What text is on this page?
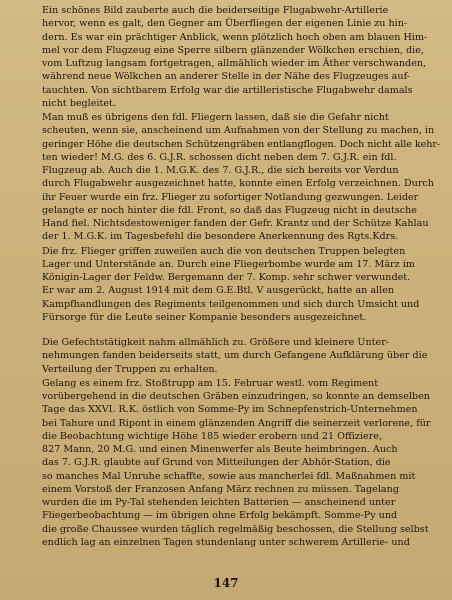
Ein schönes Bild zauberte auch die beiderseitige Flugabwehr-Artillerie
hervor, wenn es galt, den Gegner am Überfliegen der eigenen Linie zu hin-
dern. Es war ein prächtiger Anblick, wenn plötzlich hoch oben am blauen Him-
mel vor dem Flugzeug eine Sperre silbern glänzender Wölkchen erschien, die,
vom Luftzug langsam fortgetragen, allmählich wieder im Äther verschwanden,
während neue Wölkchen an anderer Stelle in der Nähe des Flugzeuges auf-
tauchten. Von sichtbarem Erfolg war die artilleristische Flugabwehr damals
nicht begleitet.
Man muß es übrigens den fdl. Fliegern lassen, daß sie die Gefahr nicht
scheuten, wenn sie, anscheinend um Aufnahmen von der Stellung zu machen, in
geringer Höhe die deutschen Schützengräben entlangflogen. Doch nicht alle kehr-
ten wieder! M.G. des 6. G.J.R. schossen dicht neben dem 7. G.J.R. ein fdl.
Flugzeug ab. Auch die 1. M.G.K. des 7. G.J.R., die sich bereits vor Verdun
durch Flugabwehr ausgezeichnet hatte, konnte einen Erfolg verzeichnen. Durch
ihr Feuer wurde ein frz. Flieger zu sofortiger Notlandung gezwungen. Leider
gelangte er noch hinter die fdl. Front, so daß das Flugzeug nicht in deutsche
Hand fiel. Nichtsdestoweniger fanden der Gefr. Krantz und der Schütze Kahlau
der 1. M.G.K. im Tagesbefehl die besondere Anerkennung des Rgts.Kdrs.
Die frz. Flieger griffen zuweilen auch die von deutschen Truppen belegten
Lager und Unterstände an. Durch eine Fliegerbombe wurde am 17. März im
Königin-Lager der Feldw. Bergemann der 7. Komp. sehr schwer verwundet.
Er war am 2. August 1914 mit dem G.E.Btl. V ausgerückt, hatte an allen
Kampfhandlungen des Regiments teilgenommen und sich durch Umsicht und
Fürsorge für die Leute seiner Kompanie besonders ausgezeichnet.
Die Gefechtstätigkeit nahm allmählich zu. Größere und kleinere Unter-
nehmungen fanden beiderseits statt, um durch Gefangene Aufklärung über die
Verteilung der Truppen zu erhalten.
Gelang es einem frz. Stoßtrupp am 15. Februar westl. vom Regiment
vorübergehend in die deutschen Gräben einzudringen, so konnte an demselben
Tage das XXVI. R.K. östlich von Somme-Py im Schnepfenstrich-Unternehmen
bei Tahure und Ripont in einem glänzenden Angriff die seinerzeit verlorene, für
die Beobachtung wichtige Höhe 185 wieder erobern und 21 Offiziere,
827 Mann, 20 M.G. und einen Minenwerfer als Beute heimbringen. Auch
das 7. G.J.R. glaubte auf Grund von Mitteilungen der Abhör-Station, die
so manches Mal Unruhe schaffte, sowie aus mancherlei fdl. Maßnahmen mit
einem Vorstoß der Franzosen Anfang März rechnen zu müssen. Tagelang
wurden die im Py-Tal stehenden leichten Batterien — anscheinend unter
Fliegerbeobachtung — im übrigen ohne Erfolg bekämpft. Somme-Py und
die große Chaussee wurden täglich regelmäßig beschossen, die Stellung selbst
endlich lag an einzelnen Tagen stundenlang unter schwerem Artillerie- und
147
